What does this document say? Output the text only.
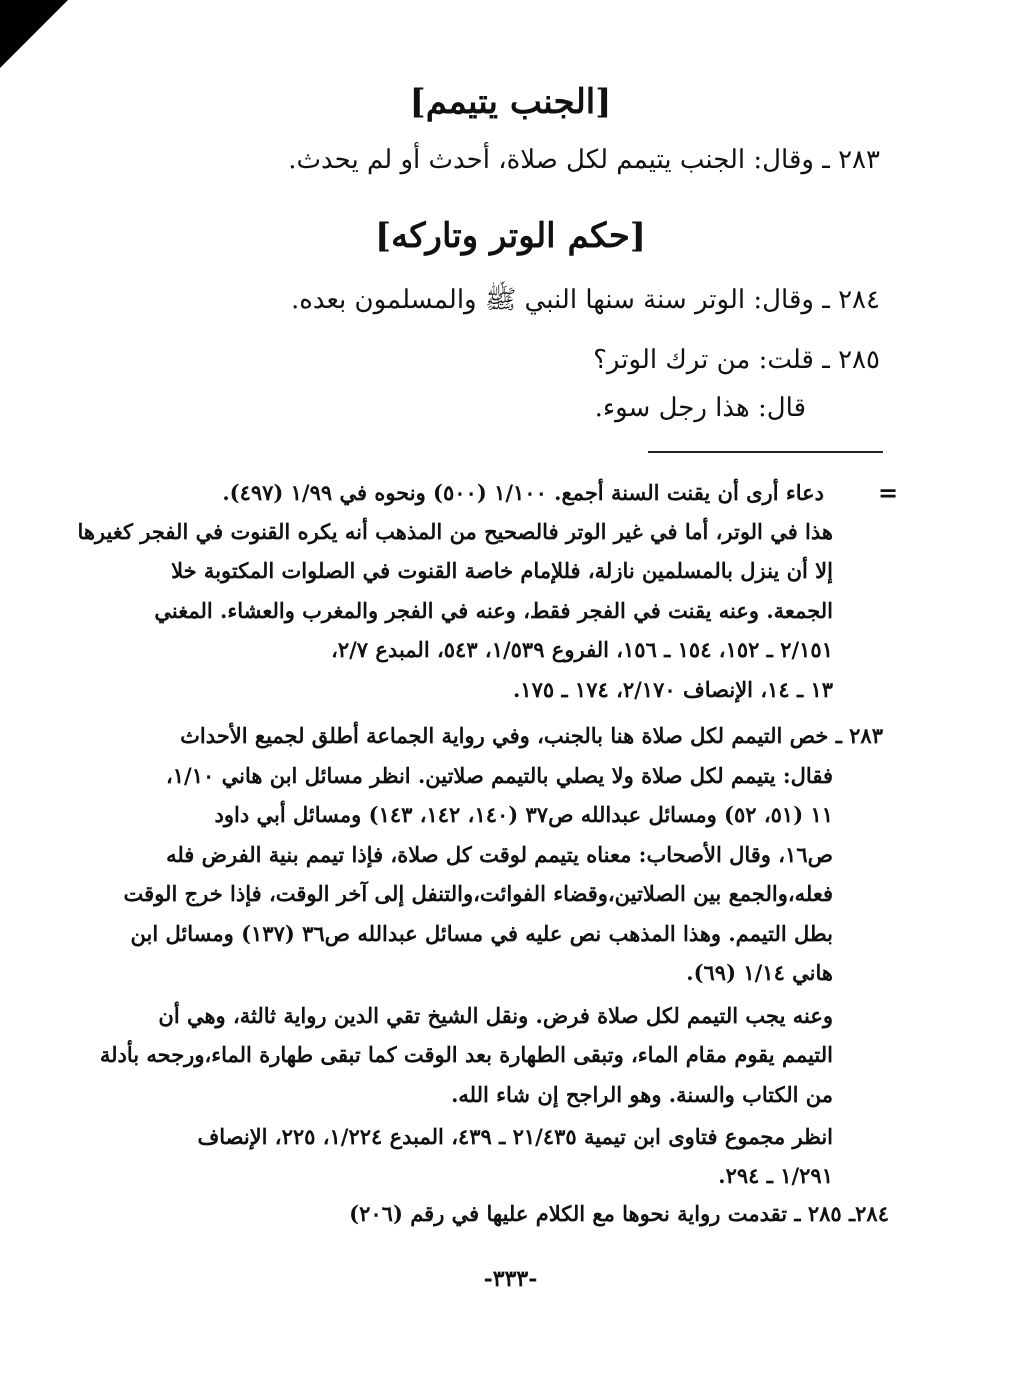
[الجنب يتيمم]
٢٨٣ ـ وقال: الجنب يتيمم لكل صلاة، أحدث أو لم يحدث.
[حكم الوتر وتاركه]
٢٨٤ ـ وقال: الوتر سنة سنها النبي ﷺ والمسلمون بعده.
٢٨٥ ـ قلت: من ترك الوتر؟
قال: هذا رجل سوء.
=
دعاء أرى أن يقنت السنة أجمع. ١/١٠٠ (٥٠٠) ونحوه في ١/٩٩ (٤٩٧).
هذا في الوتر، أما في غير الوتر فالصحيح من المذهب أنه يكره القنوت في الفجر كغيرها
إلا أن ينزل بالمسلمين نازلة، فللإمام خاصة القنوت في الصلوات المكتوبة خلا
الجمعة. وعنه يقنت في الفجر فقط، وعنه في الفجر والمغرب والعشاء. المغني
٢/١٥١ ـ ١٥٢، ١٥٤ ـ ١٥٦، الفروع ١/٥٣٩، ٥٤٣، المبدع ٢/٧،
١٣ ـ ١٤، الإنصاف ٢/١٧٠، ١٧٤ ـ ١٧٥.
٢٨٣ ـ خص التيمم لكل صلاة هنا بالجنب، وفي رواية الجماعة أطلق لجميع الأحداث
فقال: يتيمم لكل صلاة ولا يصلي بالتيمم صلاتين. انظر مسائل ابن هاني ١/١٠،
١١ (٥١، ٥٢) ومسائل عبدالله ص٣٧ (١٤٠، ١٤٢، ١٤٣) ومسائل أبي داود
ص١٦، وقال الأصحاب: معناه يتيمم لوقت كل صلاة، فإذا تيمم بنية الفرض فله
فعله،والجمع بين الصلاتين،وقضاء الفوائت،والتنفل إلى آخر الوقت، فإذا خرج الوقت
بطل التيمم. وهذا المذهب نص عليه في مسائل عبدالله ص٣٦ (١٣٧) ومسائل ابن
هاني ١/١٤ (٦٩).
وعنه يجب التيمم لكل صلاة فرض. ونقل الشيخ تقي الدين رواية ثالثة، وهي أن
التيمم يقوم مقام الماء، وتبقى الطهارة بعد الوقت كما تبقى طهارة الماء،ورجحه بأدلة
من الكتاب والسنة. وهو الراجح إن شاء الله.
انظر مجموع فتاوى ابن تيمية ٢١/٤٣٥ ـ ٤٣٩، المبدع ١/٢٢٤، ٢٢٥، الإنصاف
١/٢٩١ ـ ٢٩٤.
٢٨٤ـ ٢٨٥ ـ تقدمت رواية نحوها مع الكلام عليها في رقم (٢٠٦)
-٣٣٣-
